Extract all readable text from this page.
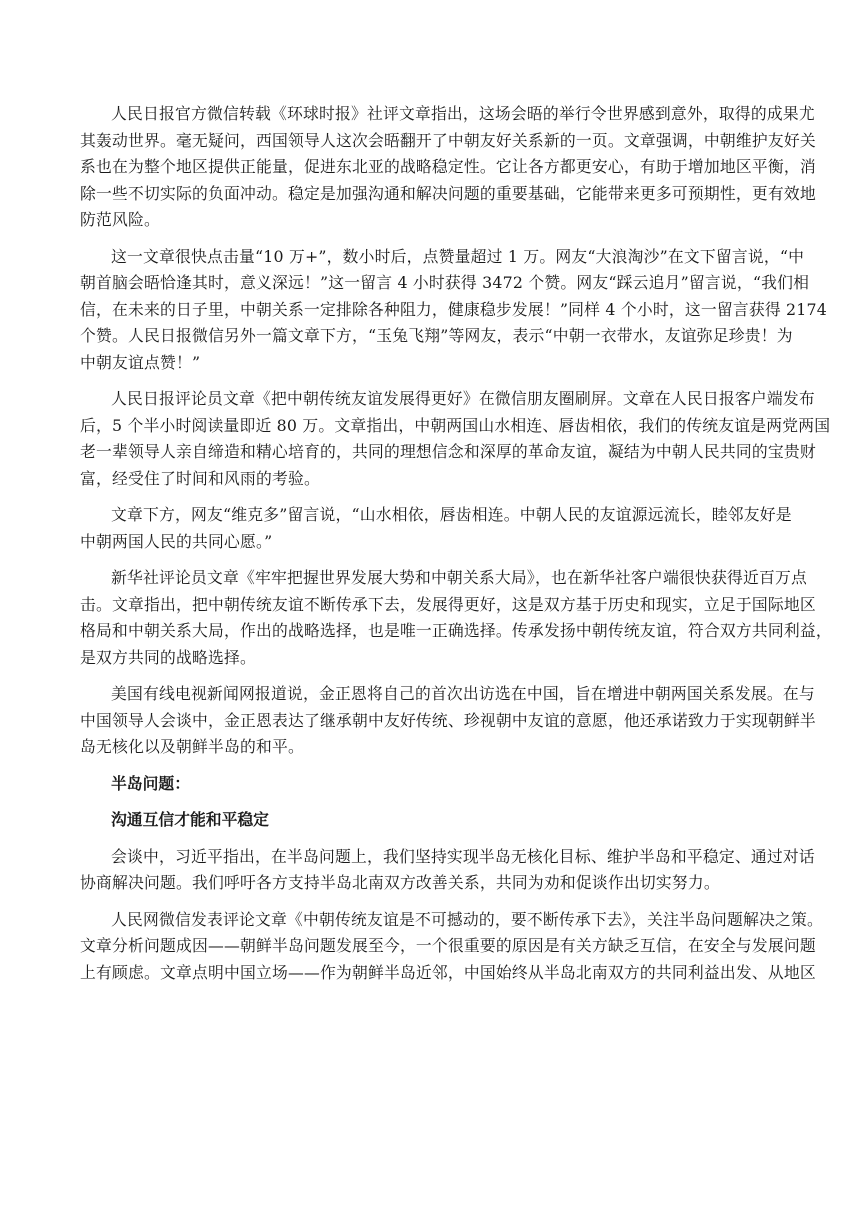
人民日报官方微信转载《环球时报》社评文章指出，这场会晤的举行令世界感到意外，取得的成果尤
其轰动世界。毫无疑问，西国领导人这次会晤翻开了中朝友好关系新的一页。文章强调，中朝维护友好关
系也在为整个地区提供正能量，促进东北亚的战略稳定性。它让各方都更安心，有助于增加地区平衡，消
除一些不切实际的负面冲动。稳定是加强沟通和解决问题的重要基础，它能带来更多可预期性，更有效地
防范风险。
这一文章很快点击量“10 万+”，数小时后，点赞量超过 1 万。网友“大浪淘沙”在文下留言说，“中
朝首脑会晤恰逢其时，意义深远！”这一留言 4 小时获得 3472 个赞。网友“踩云追月”留言说，“我们相
信，在未来的日子里，中朝关系一定排除各种阻力，健康稳步发展！”同样 4 个小时，这一留言获得 2174
个赞。人民日报微信另外一篇文章下方，“玉兔飞翔”等网友，表示“中朝一衣带水，友谊弥足珍贵！为
中朝友谊点赞！”
人民日报评论员文章《把中朝传统友谊发展得更好》在微信朋友圈刷屏。文章在人民日报客户端发布
后，5 个半小时阅读量即近 80 万。文章指出，中朝两国山水相连、唇齿相依，我们的传统友谊是两党两国
老一辈领导人亲自缔造和精心培育的，共同的理想信念和深厚的革命友谊，凝结为中朝人民共同的宝贵财
富，经受住了时间和风雨的考验。
文章下方，网友“维克多”留言说，“山水相依，唇齿相连。中朝人民的友谊源远流长，睦邻友好是
中朝两国人民的共同心愿。”
新华社评论员文章《牢牢把握世界发展大势和中朝关系大局》，也在新华社客户端很快获得近百万点
击。文章指出，把中朝传统友谊不断传承下去，发展得更好，这是双方基于历史和现实，立足于国际地区
格局和中朝关系大局，作出的战略选择，也是唯一正确选择。传承发扬中朝传统友谊，符合双方共同利益，
是双方共同的战略选择。
美国有线电视新闻网报道说，金正恩将自己的首次出访选在中国，旨在增进中朝两国关系发展。在与
中国领导人会谈中，金正恩表达了继承朝中友好传统、珍视朝中友谊的意愿，他还承诺致力于实现朝鲜半
岛无核化以及朝鲜半岛的和平。
半岛问题：
沟通互信才能和平稳定
会谈中，习近平指出，在半岛问题上，我们坚持实现半岛无核化目标、维护半岛和平稳定、通过对话
协商解决问题。我们呼吁各方支持半岛北南双方改善关系，共同为劝和促谈作出切实努力。
人民网微信发表评论文章《中朝传统友谊是不可撼动的，要不断传承下去》，关注半岛问题解决之策。
文章分析问题成因——朝鲜半岛问题发展至今，一个很重要的原因是有关方缺乏互信，在安全与发展问题
上有顾虑。文章点明中国立场——作为朝鲜半岛近邻，中国始终从半岛北南双方的共同利益出发、从地区
